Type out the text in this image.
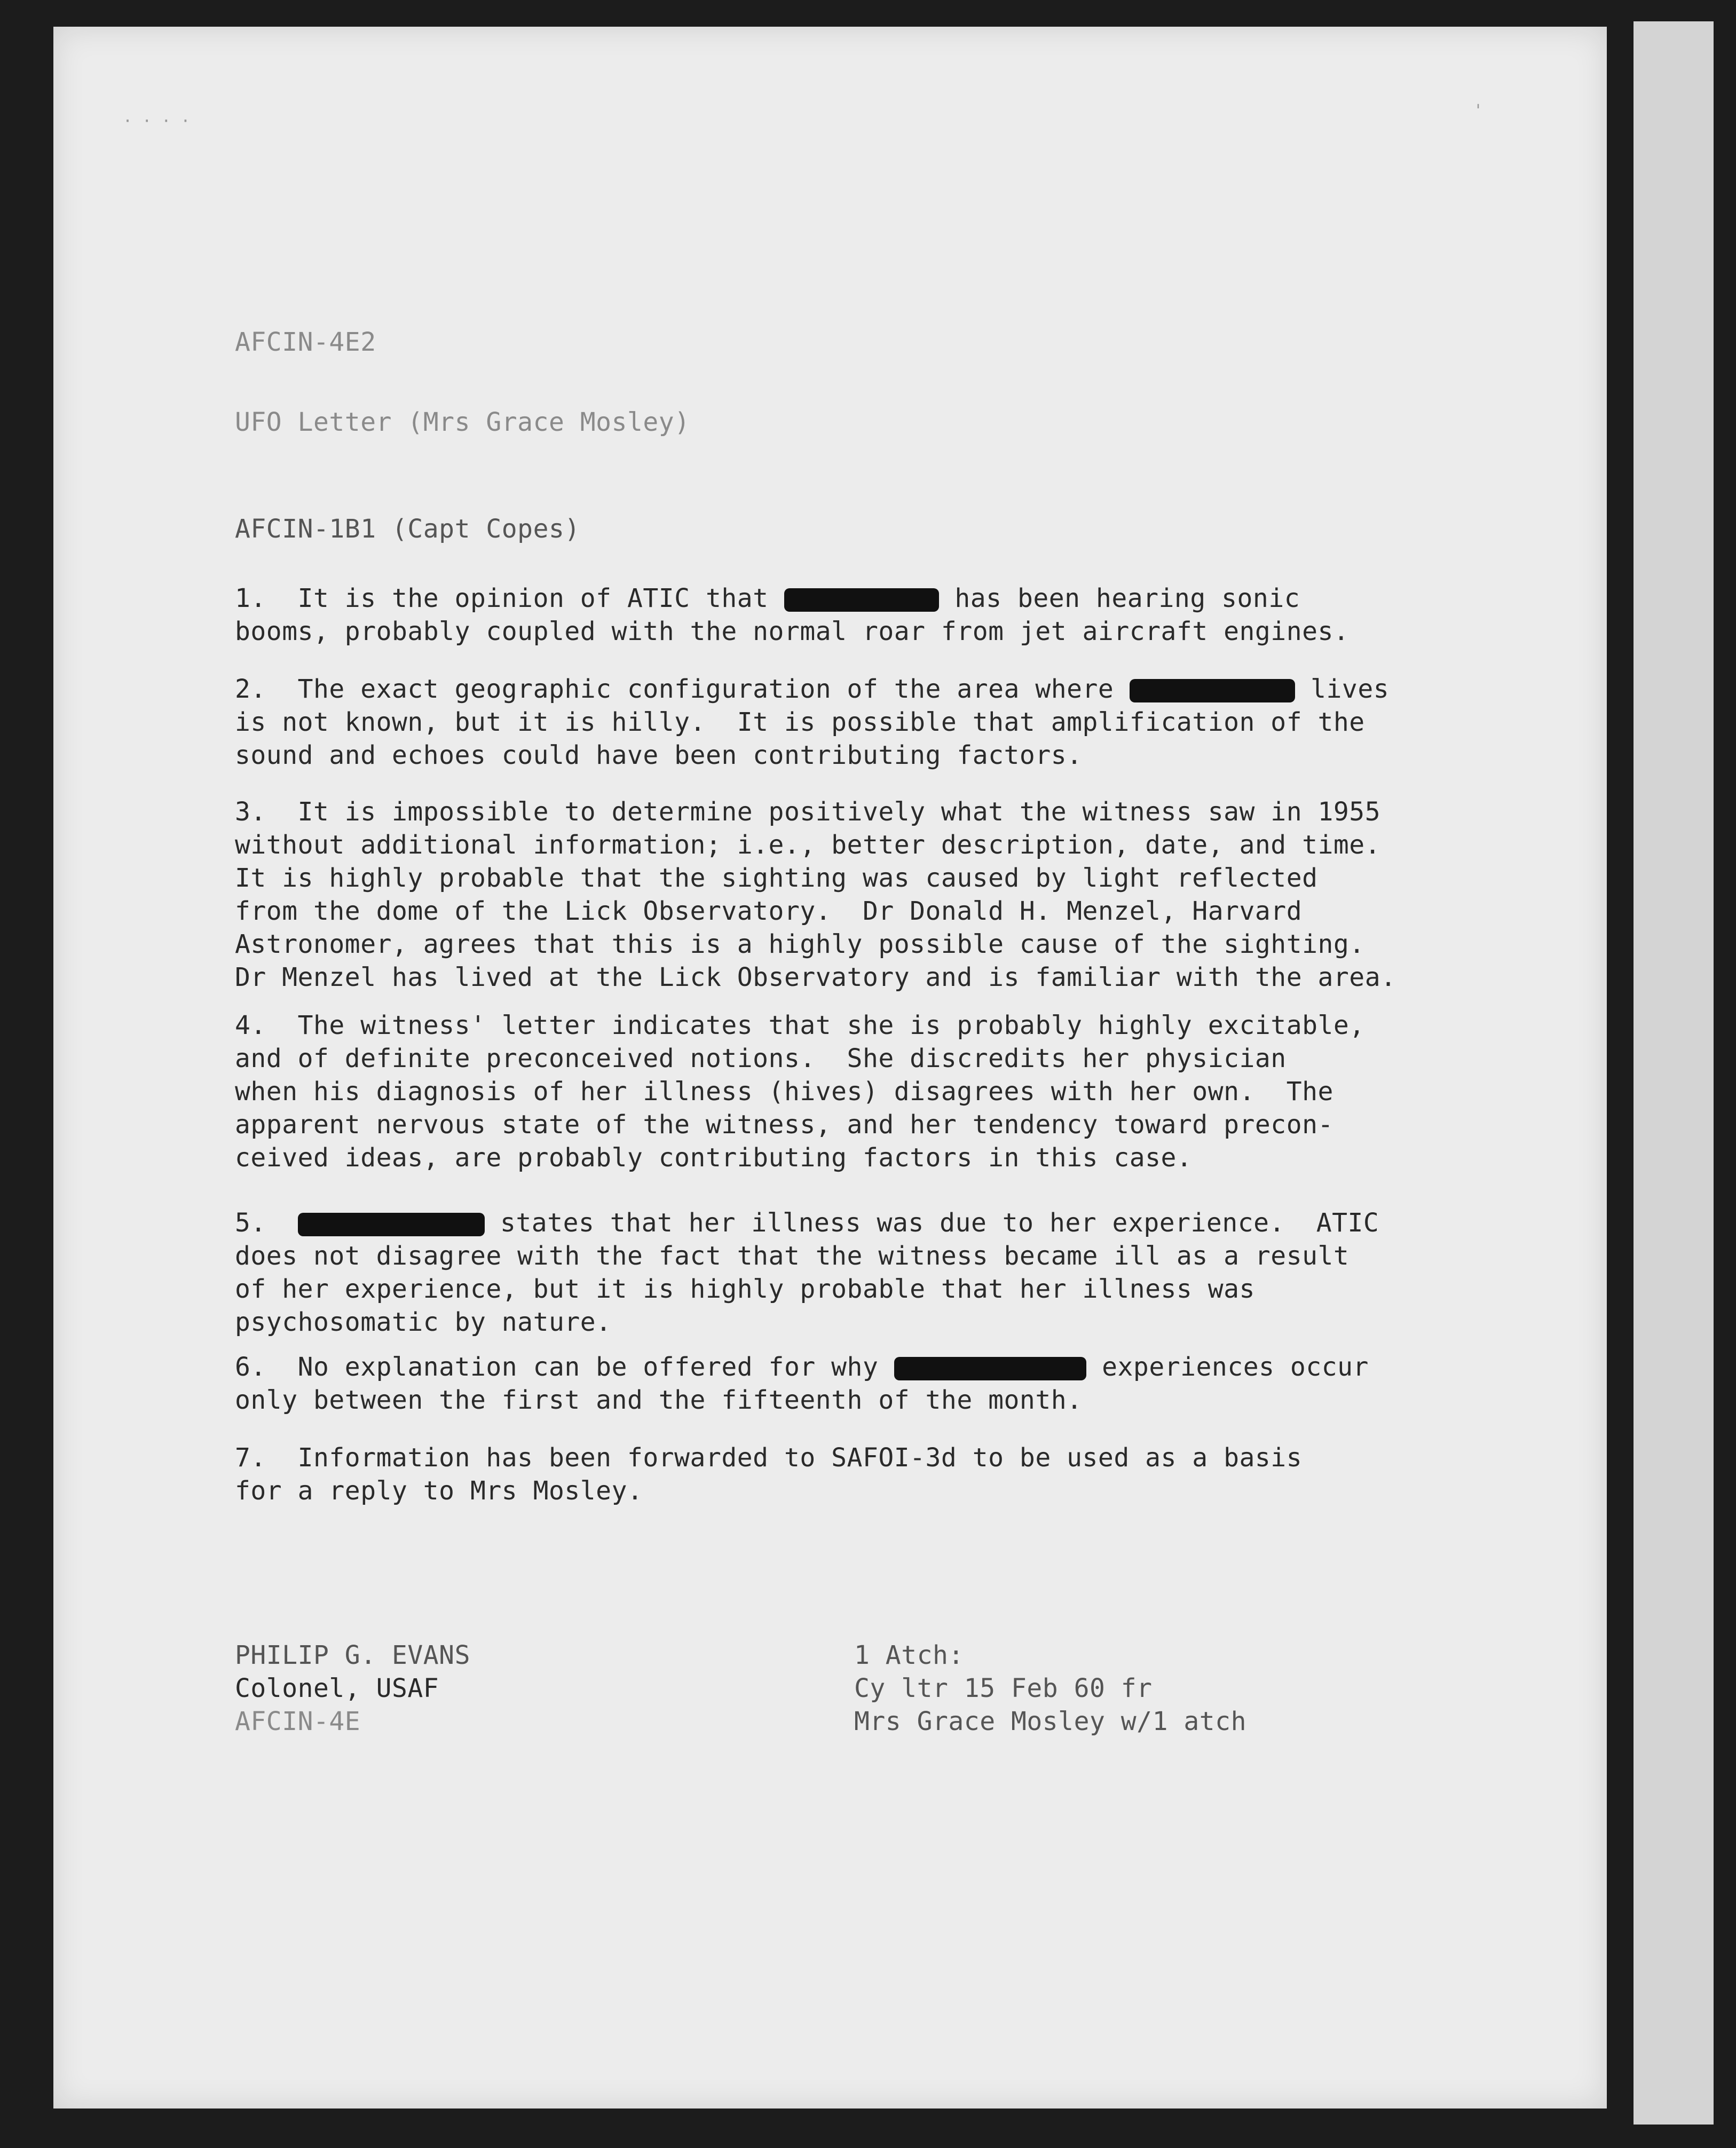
· · · ·
'
AFCIN-4E2
UFO Letter (Mrs Grace Mosley)
AFCIN-1B1 (Capt Copes)
1.  It is the opinion of ATIC that	has been hearing sonic
booms, probably coupled with the normal roar from jet aircraft engines.
2.  The exact geographic configuration of the area where	lives
is not known, but it is hilly.  It is possible that amplification of the
sound and echoes could have been contributing factors.
3.  It is impossible to determine positively what the witness saw in 1955
without additional information; i.e., better description, date, and time.
It is highly probable that the sighting was caused by light reflected
from the dome of the Lick Observatory.  Dr Donald H. Menzel, Harvard
Astronomer, agrees that this is a highly possible cause of the sighting.
Dr Menzel has lived at the Lick Observatory and is familiar with the area.
4.  The witness' letter indicates that she is probably highly excitable,
and of definite preconceived notions.  She discredits her physician
when his diagnosis of her illness (hives) disagrees with her own.  The
apparent nervous state of the witness, and her tendency toward precon-
ceived ideas, are probably contributing factors in this case.
5.	states that her illness was due to her experience.  ATIC
does not disagree with the fact that the witness became ill as a result
of her experience, but it is highly probable that her illness was
psychosomatic by nature.
6.  No explanation can be offered for why	experiences occur
only between the first and the fifteenth of the month.
7.  Information has been forwarded to SAFOI-3d to be used as a basis
for a reply to Mrs Mosley.
PHILIP G. EVANS
Colonel, USAF
AFCIN-4E
1 Atch:
Cy ltr 15 Feb 60 fr
Mrs Grace Mosley w/1 atch
